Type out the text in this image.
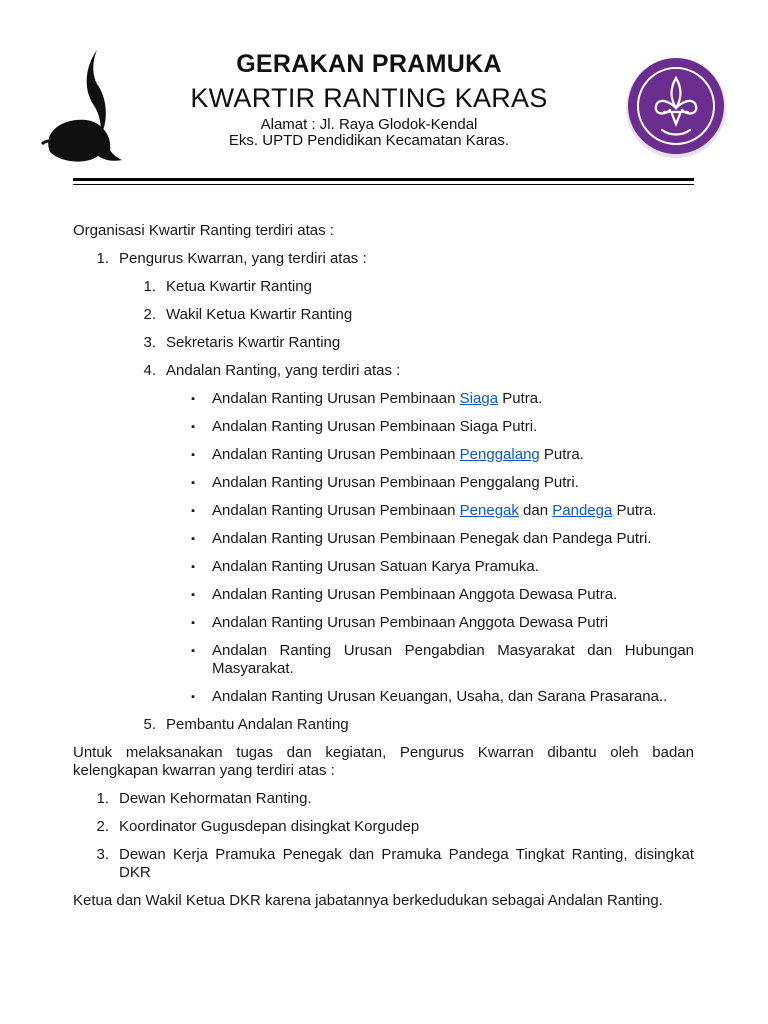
GERAKAN PRAMUKA
KWARTIR RANTING KARAS
Alamat : Jl. Raya Glodok-Kendal
Eks. UPTD Pendidikan Kecamatan Karas.

Organisasi Kwartir Ranting terdiri atas :

1. Pengurus Kwarran, yang terdiri atas :
1. Ketua Kwartir Ranting
2. Wakil Ketua Kwartir Ranting
3. Sekretaris Kwartir Ranting
4. Andalan Ranting, yang terdiri atas :
▪	Andalan Ranting Urusan Pembinaan Siaga Putra.
▪	Andalan Ranting Urusan Pembinaan Siaga Putri.
▪	Andalan Ranting Urusan Pembinaan Penggalang Putra.
▪	Andalan Ranting Urusan Pembinaan Penggalang Putri.
▪	Andalan Ranting Urusan Pembinaan Penegak dan Pandega Putra.
▪	Andalan Ranting Urusan Pembinaan Penegak dan Pandega Putri.
▪	Andalan Ranting Urusan Satuan Karya Pramuka.
▪	Andalan Ranting Urusan Pembinaan Anggota Dewasa Putra.
▪	Andalan Ranting Urusan Pembinaan Anggota Dewasa Putri
▪	Andalan Ranting Urusan Pengabdian Masyarakat dan Hubungan Masyarakat.
▪	Andalan Ranting Urusan Keuangan, Usaha, dan Sarana Prasarana..
5. Pembantu Andalan Ranting

Untuk melaksanakan tugas dan kegiatan, Pengurus Kwarran dibantu oleh badan kelengkapan kwarran yang terdiri atas :

1. Dewan Kehormatan Ranting.
2. Koordinator Gugusdepan disingkat Korgudep
3. Dewan Kerja Pramuka Penegak dan Pramuka Pandega Tingkat Ranting, disingkat DKR

Ketua dan Wakil Ketua DKR karena jabatannya berkedudukan sebagai Andalan Ranting.
